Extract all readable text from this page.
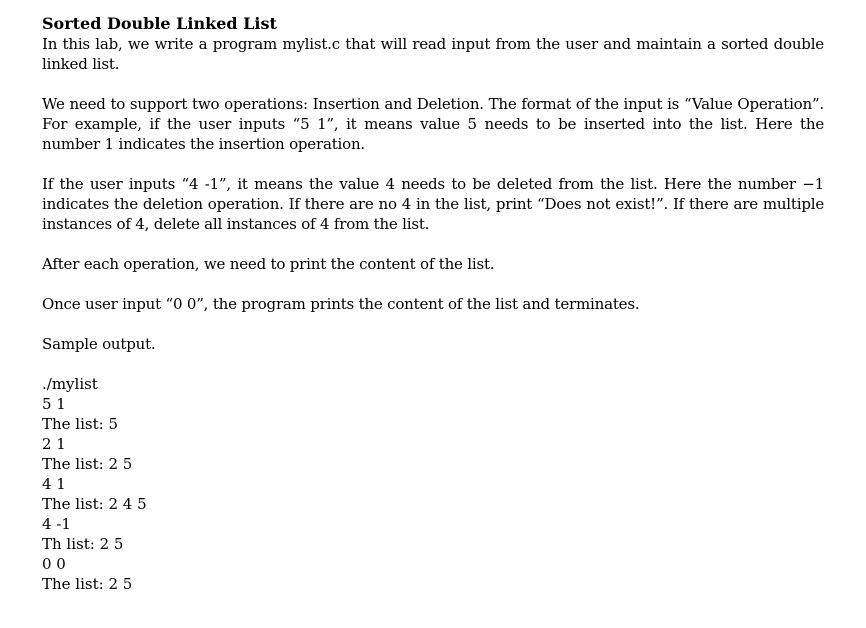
Sorted Double Linked List

In this lab, we write a program mylist.c that will read input from the user and maintain a sorted double linked list.

We need to support two operations: Insertion and Deletion. The format of the input is “Value Operation”. For example, if the user inputs “5 1”, it means value 5 needs to be inserted into the list. Here the number 1 indicates the insertion operation.

If the user inputs “4 -1”, it means the value 4 needs to be deleted from the list. Here the number −1 indicates the deletion operation. If there are no 4 in the list, print “Does not exist!”. If there are multiple instances of 4, delete all instances of 4 from the list.

After each operation, we need to print the content of the list.

Once user input “0 0”, the program prints the content of the list and terminates.

Sample output.

./mylist

5 1

The list: 5

2 1

The list: 2 5

4 1

The list: 2 4 5

4 -1

Th list: 2 5

0 0

The list: 2 5
